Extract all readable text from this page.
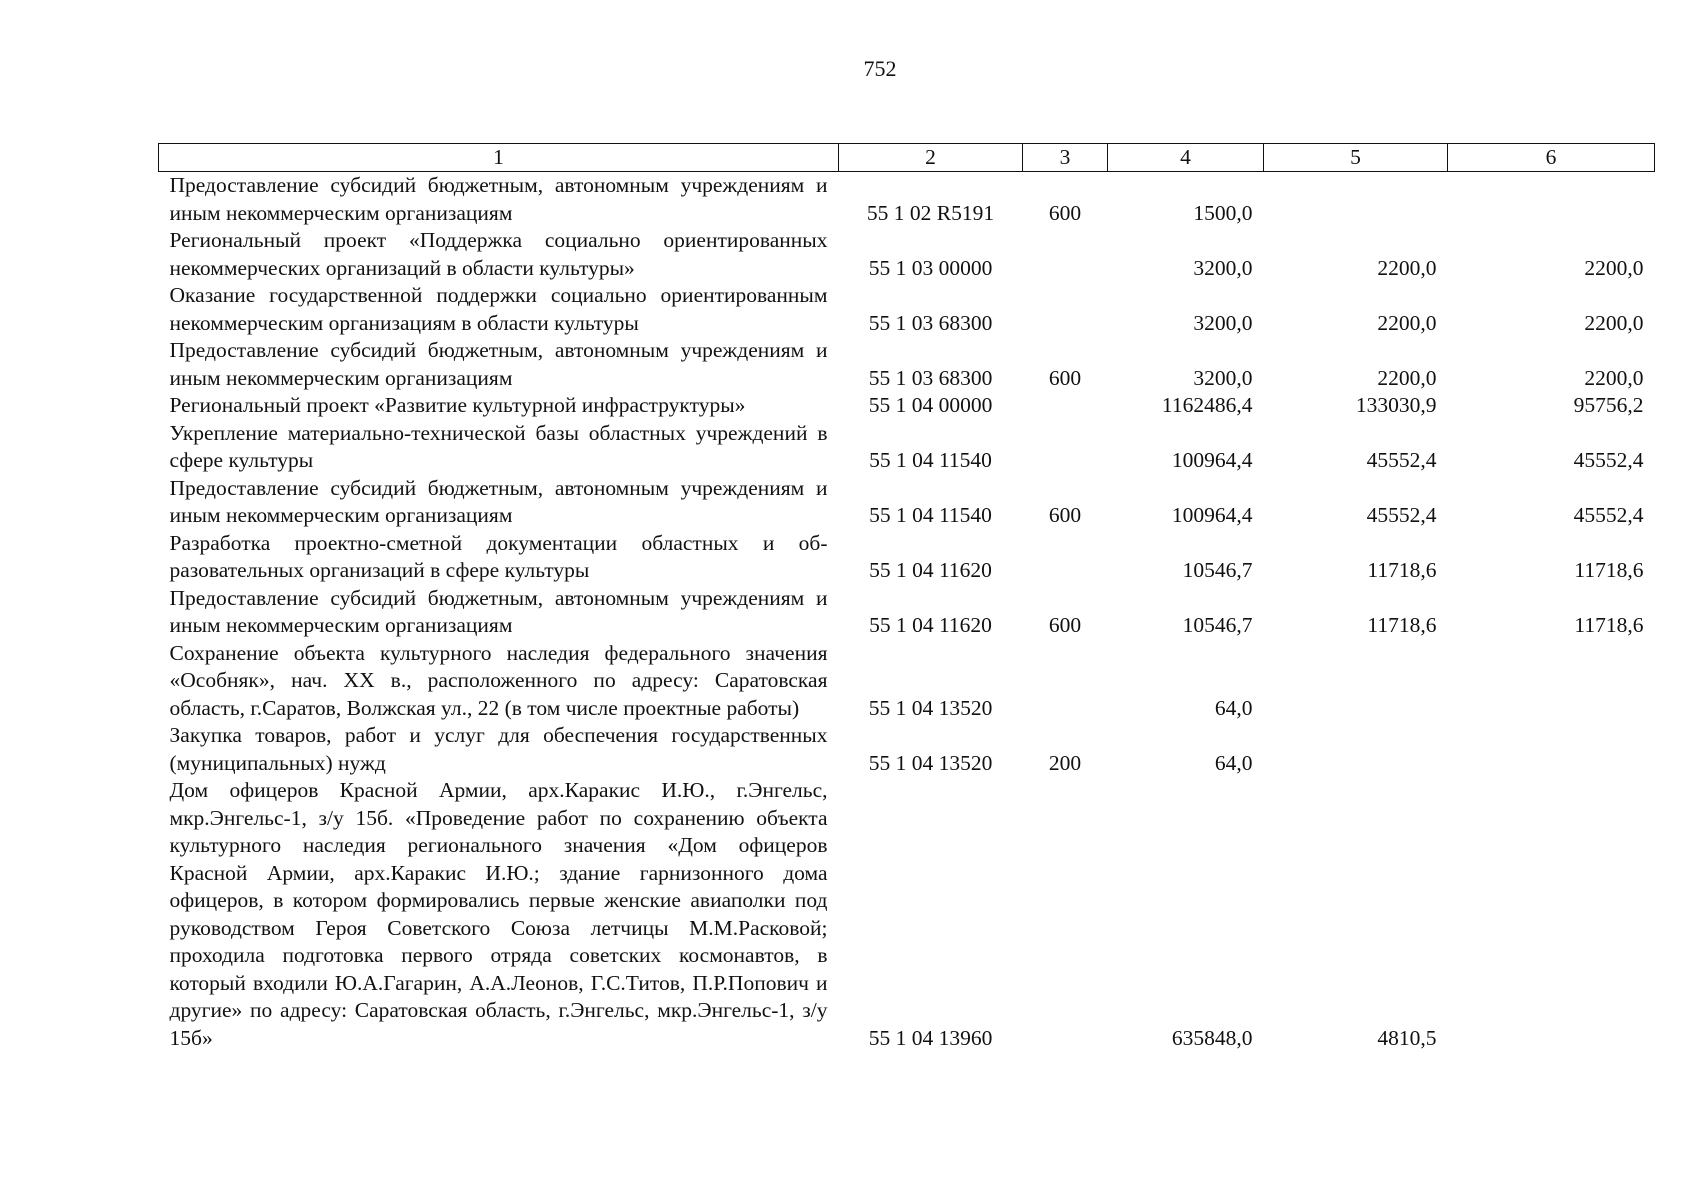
752
1	2	3	4	5	6
Предоставление субсидий бюджетным, автономным учреждениям и иным некоммерческим организациям	55 1 02 R5191	600	1500,0		
Региональный проект «Поддержка социально ориентированных некоммерческих организаций в области культуры»	55 1 03 00000		3200,0	2200,0	2200,0
Оказание государственной поддержки социально ориентированным некоммерческим организациям в области культуры	55 1 03 68300		3200,0	2200,0	2200,0
Предоставление субсидий бюджетным, автономным учреждениям и иным некоммерческим организациям	55 1 03 68300	600	3200,0	2200,0	2200,0
Региональный проект «Развитие культурной инфраструктуры»	55 1 04 00000		1162486,4	133030,9	95756,2
Укрепление материально-технической базы областных учреждений в сфере культуры	55 1 04 11540		100964,4	45552,4	45552,4
Предоставление субсидий бюджетным, автономным учреждениям и иным некоммерческим организациям	55 1 04 11540	600	100964,4	45552,4	45552,4
Разработка проектно-сметной документации областных и образовательных организаций в сфере культуры	55 1 04 11620		10546,7	11718,6	11718,6
Предоставление субсидий бюджетным, автономным учреждениям и иным некоммерческим организациям	55 1 04 11620	600	10546,7	11718,6	11718,6
Сохранение объекта культурного наследия федерального значения «Особняк», нач. XX в., расположенного по адресу: Саратовская область, г.Саратов, Волжская ул., 22 (в том числе проектные работы)	55 1 04 13520		64,0		
Закупка товаров, работ и услуг для обеспечения государственных (муниципальных) нужд	55 1 04 13520	200	64,0		
Дом офицеров Красной Армии, арх.Каракис И.Ю., г.Энгельс, мкр.Энгельс-1, з/у 15б. «Проведение работ по сохранению объекта культурного наследия регионального значения «Дом офицеров Красной Армии, арх.Каракис И.Ю.; здание гарнизонного дома офицеров, в котором формировались первые женские авиаполки под руководством Героя Советского Союза летчицы М.М.Расковой; проходила подготовка первого отряда советских космонавтов, в который входили Ю.А.Гагарин, А.А.Леонов, Г.С.Титов, П.Р.Попович и другие» по адресу: Саратовская область, г.Энгельс, мкр.Энгельс-1, з/у 15б»	55 1 04 13960		635848,0	4810,5	
